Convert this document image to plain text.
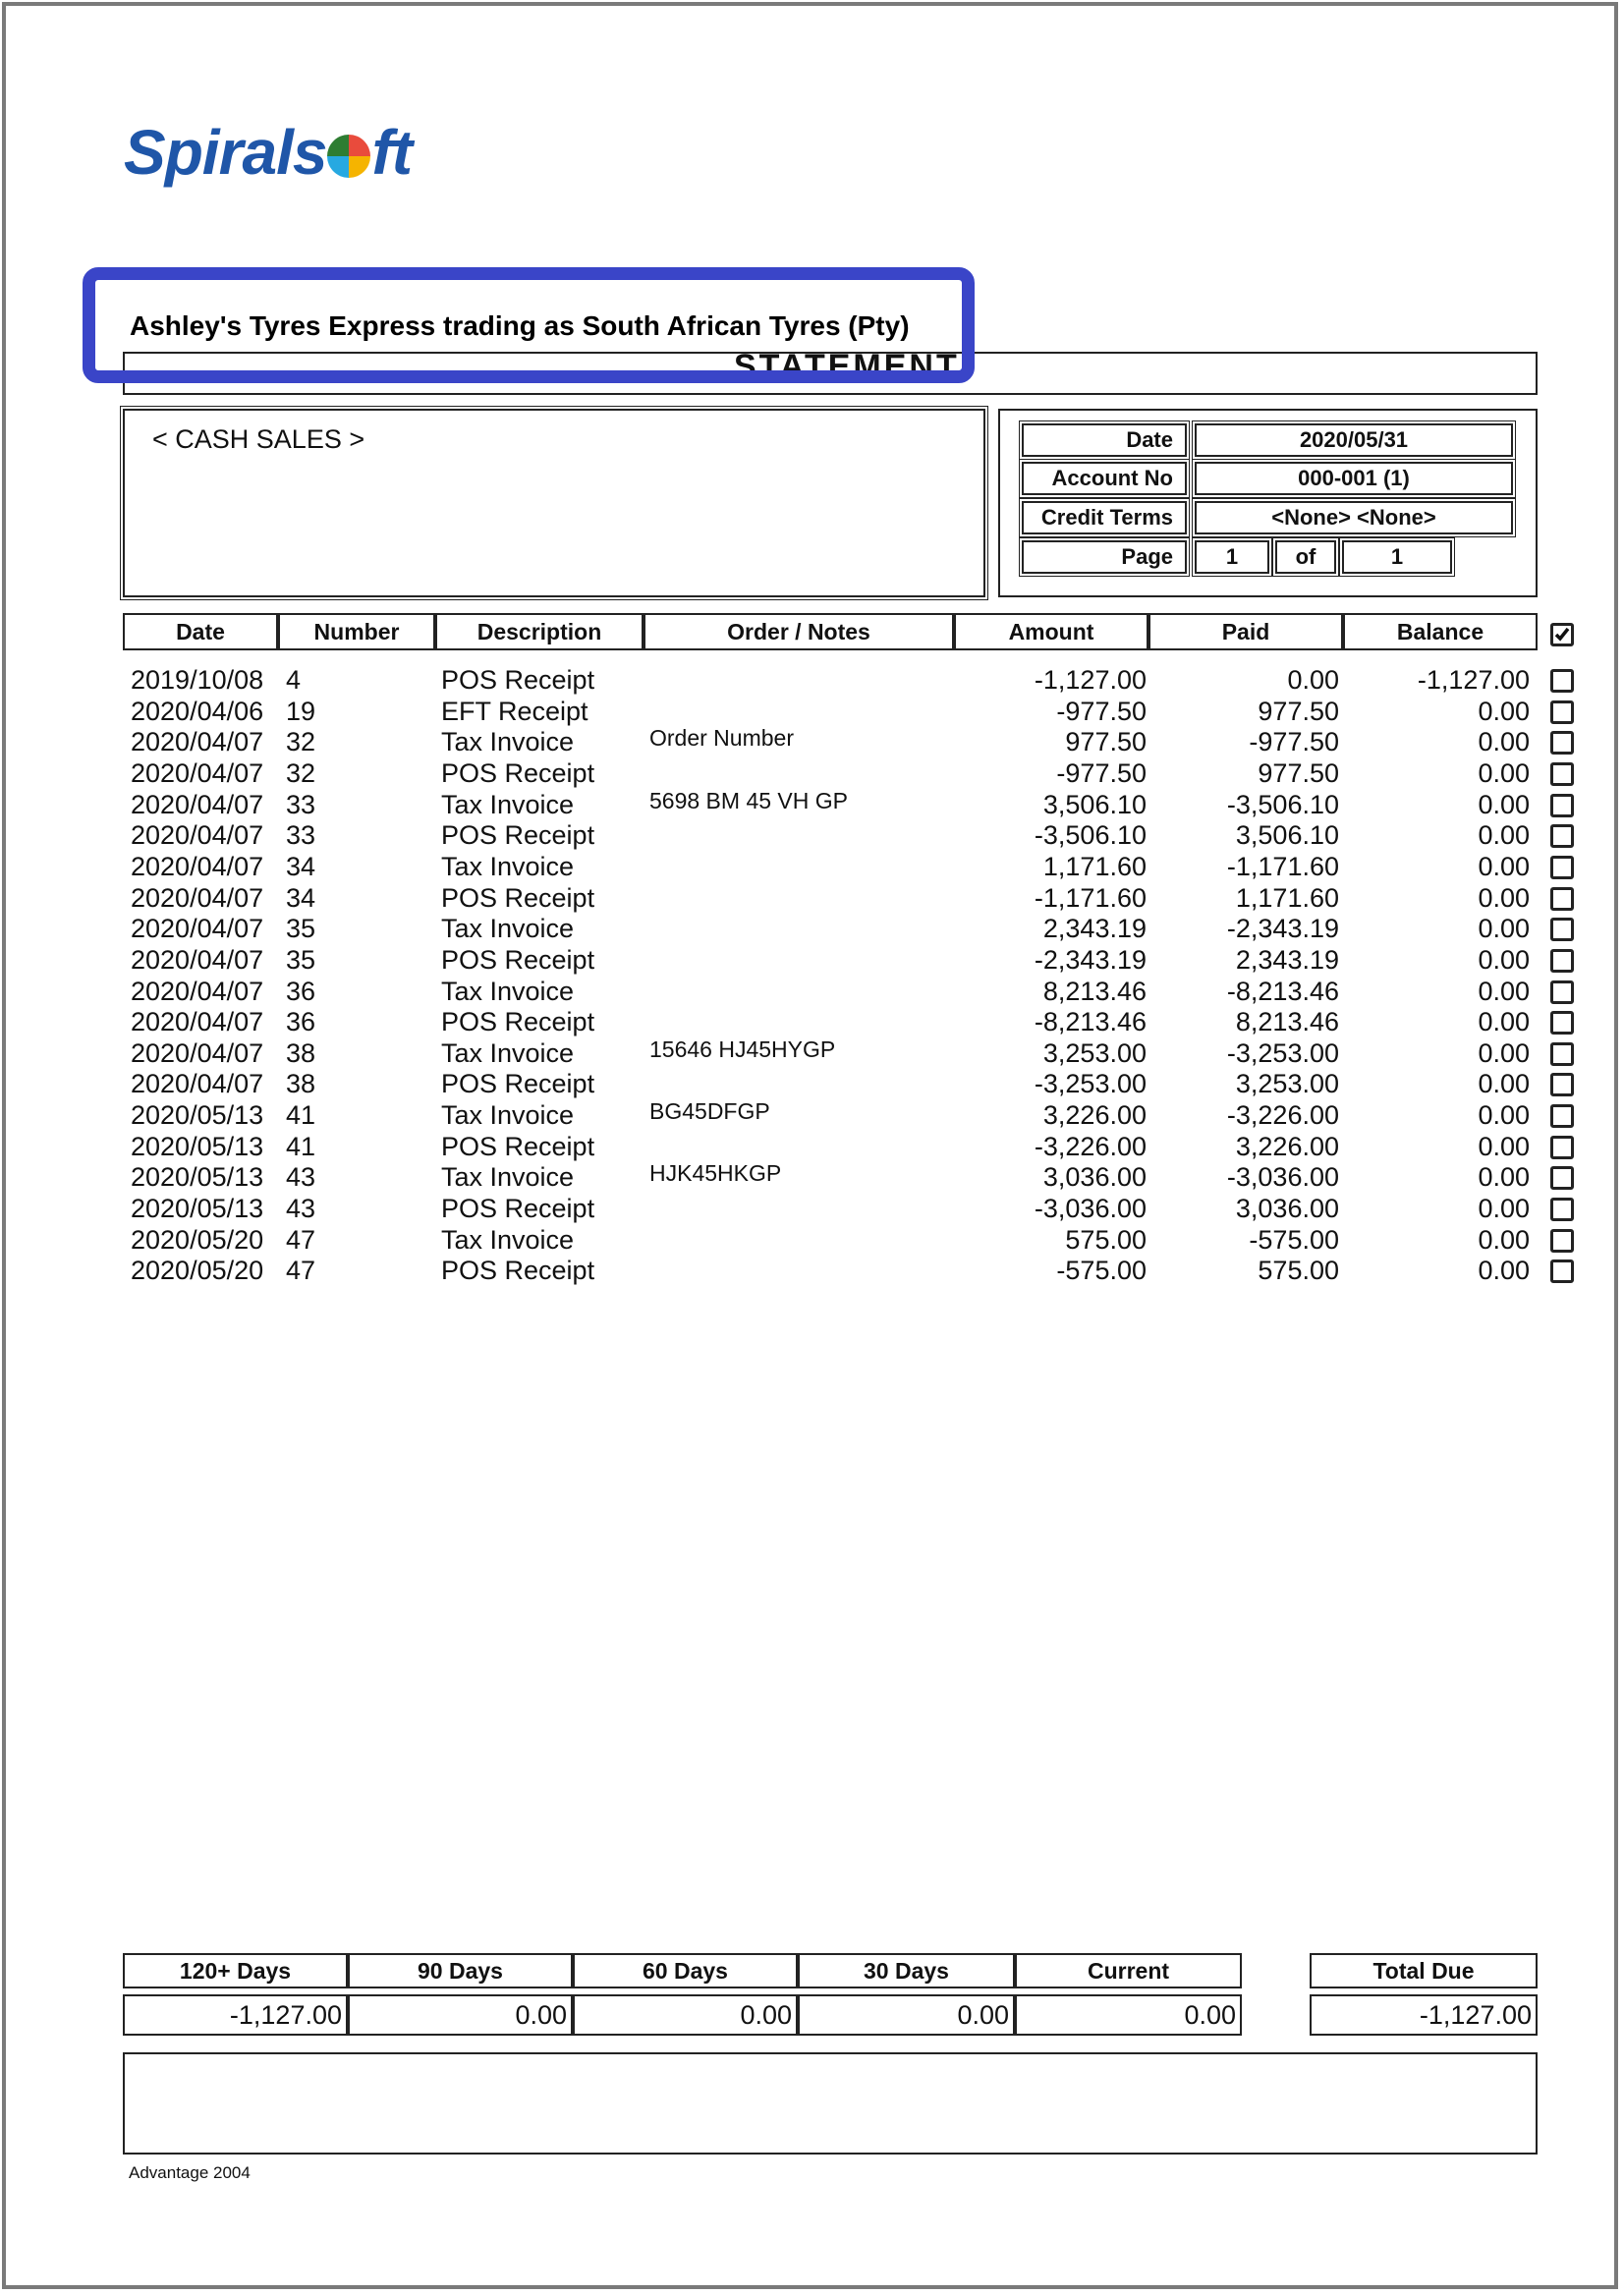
Spirals ft
STATEMENT
Ashley's Tyres Express trading as South African Tyres (Pty)
< CASH SALES >	Date	2020/05/31
Account No	000-001 (1)
Credit Terms	<None> <None>
Page	1	of	1
Date	Number	Description	Order / Notes	Amount	Paid	Balance
2019/10/08 4	POS Receipt	-1,127.00	0.00	-1,127.00
2020/04/06 19	EFT Receipt	-977.50	977.50	0.00
2020/04/07 32	Tax Invoice	Order Number	977.50	-977.50	0.00
2020/04/07 32	POS Receipt	-977.50	977.50	0.00
2020/04/07 33	Tax Invoice	5698 BM 45 VH GP	3,506.10	-3,506.10	0.00
2020/04/07 33	POS Receipt	-3,506.10	3,506.10	0.00
2020/04/07 34	Tax Invoice	1,171.60	-1,171.60	0.00
2020/04/07 34	POS Receipt	-1,171.60	1,171.60	0.00
2020/04/07 35	Tax Invoice	2,343.19	-2,343.19	0.00
2020/04/07 35	POS Receipt	-2,343.19	2,343.19	0.00
2020/04/07 36	Tax Invoice	8,213.46	-8,213.46	0.00
2020/04/07 36	POS Receipt	-8,213.46	8,213.46	0.00
2020/04/07 38	Tax Invoice	15646 HJ45HYGP	3,253.00	-3,253.00	0.00
2020/04/07 38	POS Receipt	-3,253.00	3,253.00	0.00
2020/05/13 41	Tax Invoice	BG45DFGP	3,226.00	-3,226.00	0.00
2020/05/13 41	POS Receipt	-3,226.00	3,226.00	0.00
2020/05/13 43	Tax Invoice	HJK45HKGP	3,036.00	-3,036.00	0.00
2020/05/13 43	POS Receipt	-3,036.00	3,036.00	0.00
2020/05/20 47	Tax Invoice	575.00	-575.00	0.00
2020/05/20 47	POS Receipt	-575.00	575.00	0.00
120+ Days	90 Days	60 Days	30 Days	Current	Total Due
-1,127.00	0.00	0.00	0.00	0.00	-1,127.00
Advantage 2004
